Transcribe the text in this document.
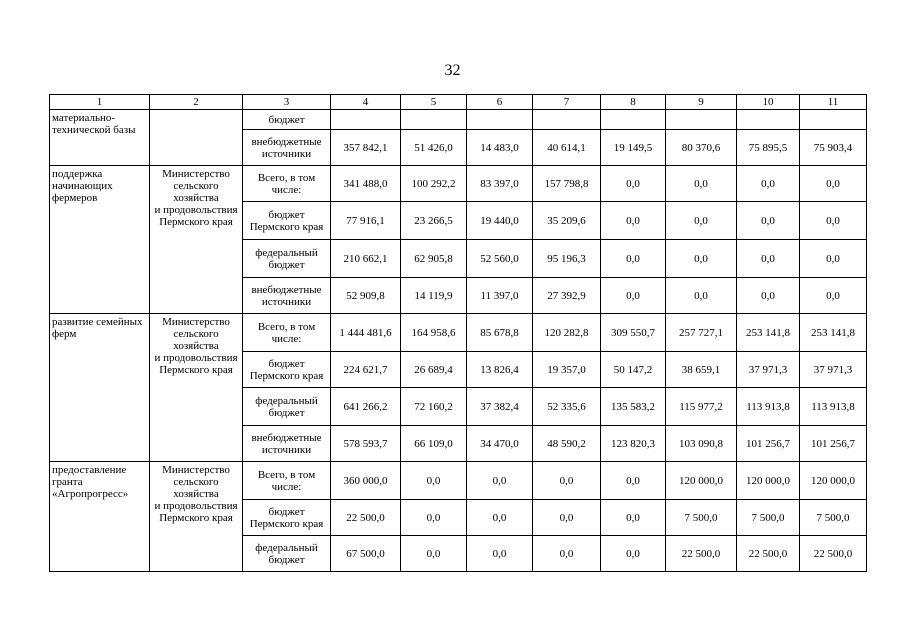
32
1	2	3	4	5	6	7	8	9	10	11

материально-
технической базы		бюджет								

		внебюджетные
источники	357 842,1	51 426,0	14 483,0	40 614,1	19 149,5	80 370,6	75 895,5	75 903,4

поддержка
начинающих
фермеров	Министерство
сельского
хозяйства
и продовольствия
Пермского края	Всего, в том
числе:	341 488,0	100 292,2	83 397,0	157 798,8	0,0	0,0	0,0	0,0

		бюджет
Пермского края	77 916,1	23 266,5	19 440,0	35 209,6	0,0	0,0	0,0	0,0

		федеральный
бюджет	210 662,1	62 905,8	52 560,0	95 196,3	0,0	0,0	0,0	0,0

		внебюджетные
источники	52 909,8	14 119,9	11 397,0	27 392,9	0,0	0,0	0,0	0,0

развитие семейных
ферм	Министерство
сельского
хозяйства
и продовольствия
Пермского края	Всего, в том
числе:	1 444 481,6	164 958,6	85 678,8	120 282,8	309 550,7	257 727,1	253 141,8	253 141,8

		бюджет
Пермского края	224 621,7	26 689,4	13 826,4	19 357,0	50 147,2	38 659,1	37 971,3	37 971,3

		федеральный
бюджет	641 266,2	72 160,2	37 382,4	52 335,6	135 583,2	115 977,2	113 913,8	113 913,8

		внебюджетные
источники	578 593,7	66 109,0	34 470,0	48 590,2	123 820,3	103 090,8	101 256,7	101 256,7

предоставление
гранта
«Агропрогресс»	Министерство
сельского
хозяйства
и продовольствия
Пермского края	Всего, в том
числе:	360 000,0	0,0	0,0	0,0	0,0	120 000,0	120 000,0	120 000,0

		бюджет
Пермского края	22 500,0	0,0	0,0	0,0	0,0	7 500,0	7 500,0	7 500,0

		федеральный
бюджет	67 500,0	0,0	0,0	0,0	0,0	22 500,0	22 500,0	22 500,0
